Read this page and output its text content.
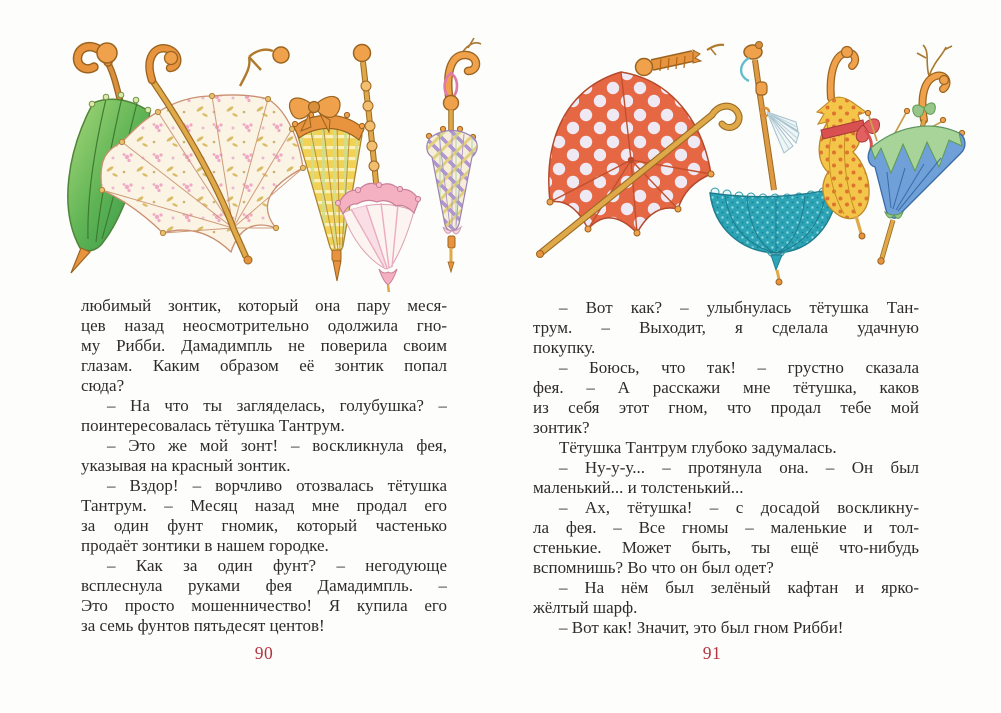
любимый зонтик, который она пару меся-
цев назад неосмотрительно одолжила гно-
му Рибби. Дамадимпль не поверила своим
глазам. Каким образом её зонтик попал
сюда?
– На что ты загляделась, голубушка? –
поинтересовалась тётушка Тантрум.
– Это же мой зонт! – воскликнула фея,
указывая на красный зонтик.
– Вздор! – ворчливо отозвалась тётушка
Тантрум. – Месяц назад мне продал его
за один фунт гномик, который частенько
продаёт зонтики в нашем городке.
– Как за один фунт? – негодующе
всплеснула руками фея Дамадимпль. –
Это просто мошенничество! Я купила его
за семь фунтов пятьдесят центов!
90
– Вот как? – улыбнулась тётушка Тан-
трум. – Выходит, я сделала удачную
покупку.
– Боюсь, что так! – грустно сказала
фея. – А расскажи мне тётушка, каков
из себя этот гном, что продал тебе мой
зонтик?
Тётушка Тантрум глубоко задумалась.
– Ну-у-у... – протянула она. – Он был
маленький... и толстенький...
– Ах, тётушка! – с досадой воскликну-
ла фея. – Все гномы – маленькие и тол-
стенькие. Может быть, ты ещё что-нибудь
вспомнишь? Во что он был одет?
– На нём был зелёный кафтан и ярко-
жёлтый шарф.
– Вот как! Значит, это был гном Рибби!
91
